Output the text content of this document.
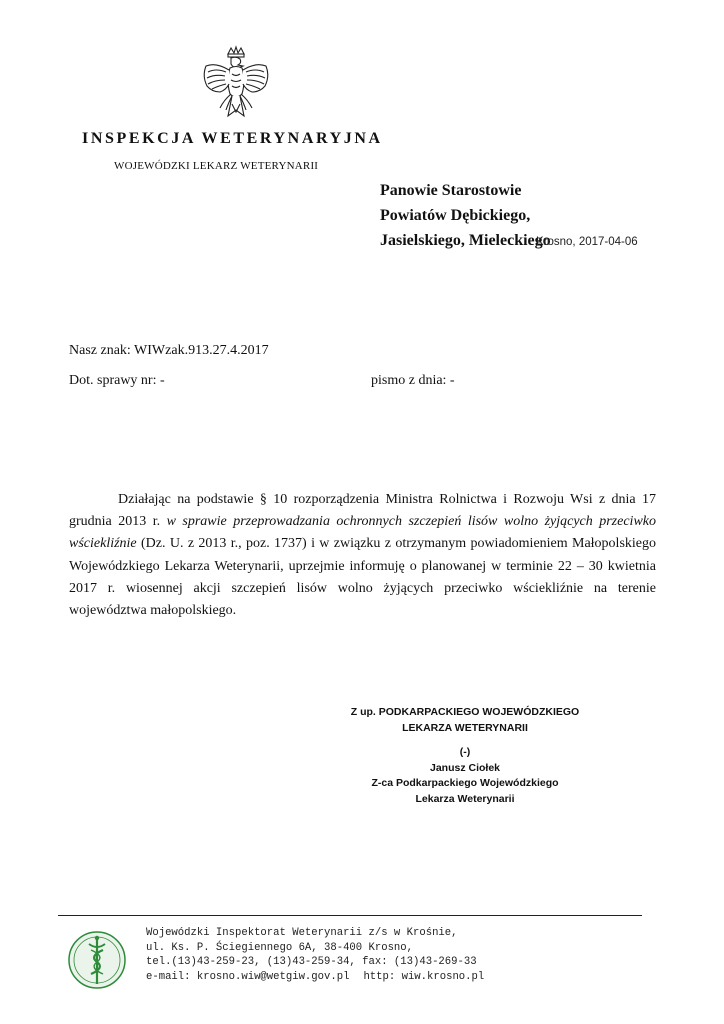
INSPEKCJA WETERYNARYJNA
WOJEWÓDZKI LEKARZ WETERYNARII
Panowie Starostowie
Powiatów Dębickiego,
Jasielskiego, Mieleckiego
Krosno, 2017-04-06
Nasz znak: WIWzak.913.27.4.2017
Dot. sprawy nr: -	pismo z dnia: -
Działając na podstawie § 10 rozporządzenia Ministra Rolnictwa i Rozwoju Wsi z dnia 17 grudnia 2013 r. w sprawie przeprowadzania ochronnych szczepień lisów wolno żyjących przeciwko wściekliźnie (Dz. U. z 2013 r., poz. 1737) i w związku z otrzymanym powiadomieniem Małopolskiego Wojewódzkiego Lekarza Weterynarii, uprzejmie informuję o planowanej w terminie 22 – 30 kwietnia 2017 r. wiosennej akcji szczepień lisów wolno żyjących przeciwko wściekliźnie na terenie województwa małopolskiego.
Z up. PODKARPACKIEGO WOJEWÓDZKIEGO
LEKARZA WETERYNARII
(-)
Janusz Ciołek
Z-ca Podkarpackiego Wojewódzkiego
Lekarza Weterynarii
Wojewódzki Inspektorat Weterynarii z/s w Krośnie,
ul. Ks. P. Ściegiennego 6A, 38-400 Krosno,
tel.(13)43-259-23, (13)43-259-34, fax: (13)43-269-33
e-mail: krosno.wiw@wetgiw.gov.pl http: wiw.krosno.pl
